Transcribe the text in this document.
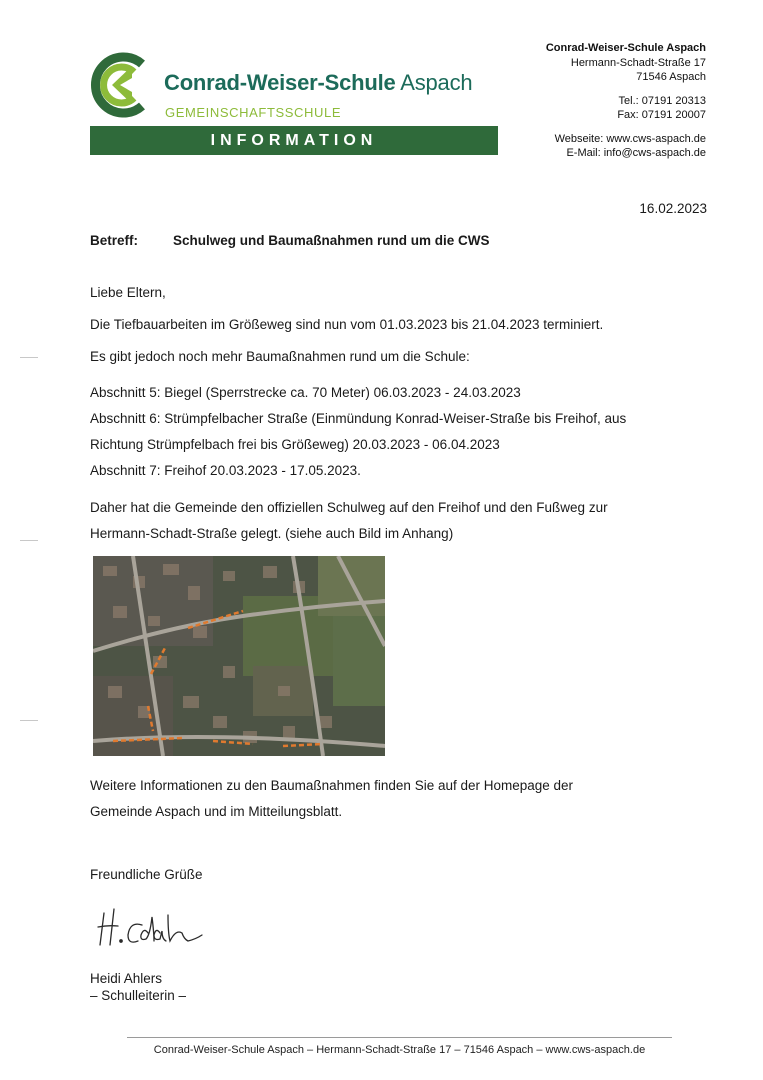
Conrad-Weiser-Schule Aspach
GEMEINSCHAFTSSCHULE
INFORMATION
Conrad-Weiser-Schule Aspach
Hermann-Schadt-Straße 17
71546 Aspach
Tel.: 07191 20313
Fax: 07191 20007
Webseite: www.cws-aspach.de
E-Mail: info@cws-aspach.de
16.02.2023
Betreff:	Schulweg und Baumaßnahmen rund um die CWS
Liebe Eltern,
Die Tiefbauarbeiten im Größeweg sind nun vom 01.03.2023 bis 21.04.2023 terminiert.
Es gibt jedoch noch mehr Baumaßnahmen rund um die Schule:
Abschnitt 5: Biegel (Sperrstrecke ca. 70 Meter) 06.03.2023 - 24.03.2023
Abschnitt 6: Strümpfelbacher Straße (Einmündung Konrad-Weiser-Straße bis Freihof, aus
Richtung Strümpfelbach frei bis Größeweg) 20.03.2023 - 06.04.2023
Abschnitt 7: Freihof 20.03.2023 - 17.05.2023.
Daher hat die Gemeinde den offiziellen Schulweg auf den Freihof und den Fußweg zur
Hermann-Schadt-Straße gelegt. (siehe auch Bild im Anhang)
Weitere Informationen zu den Baumaßnahmen finden Sie auf der Homepage der
Gemeinde Aspach und im Mitteilungsblatt.
Freundliche Grüße
Heidi Ahlers
– Schulleiterin –
Conrad-Weiser-Schule Aspach – Hermann-Schadt-Straße 17 – 71546 Aspach – www.cws-aspach.de
